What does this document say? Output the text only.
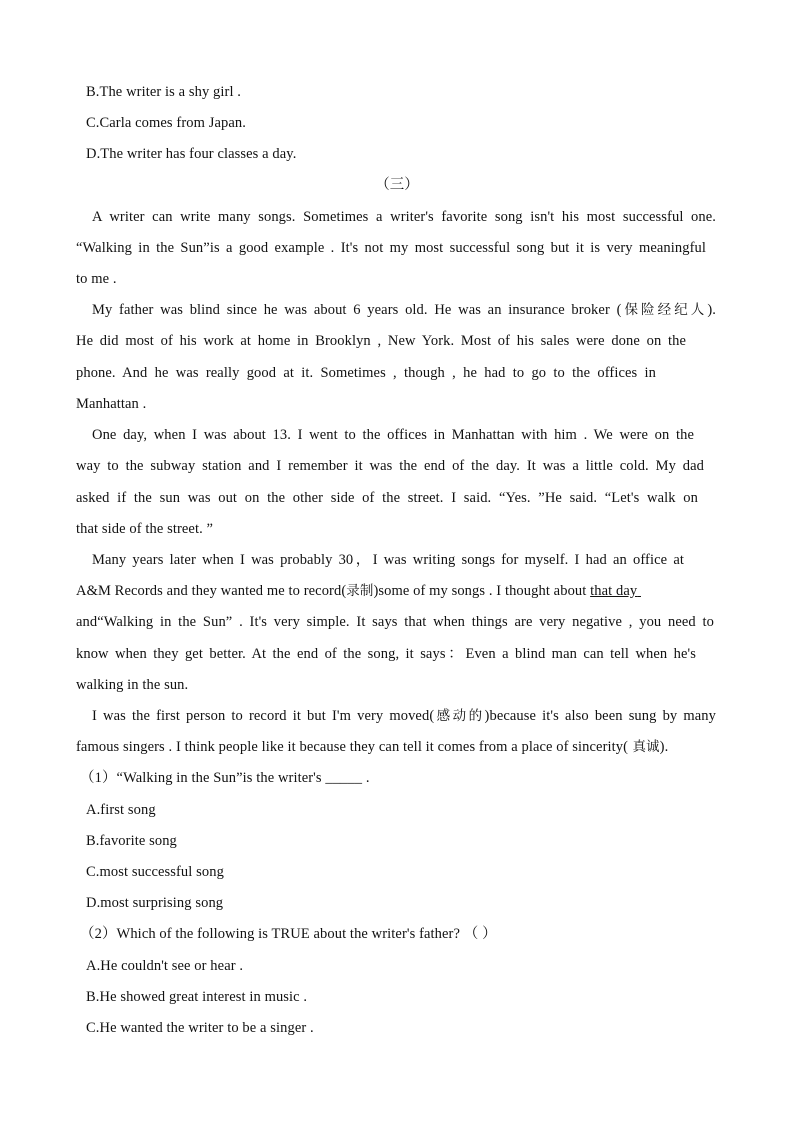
B.The writer is a shy girl .
C.Carla comes from Japan.
D.The writer has four classes a day.
（三）
A writer can write many songs. Sometimes a writer's favorite song isn't his most successful one.
“Walking in the Sun”is a good example . It's not my most successful song but it is very meaningful
to me .
My father was blind since he was about 6 years old. He was an insurance broker (保险经纪人).
He did most of his work at home in Brooklyn , New York. Most of his sales were done on the
phone. And he was really good at it. Sometimes , though , he had to go to the offices in
Manhattan .
One day, when I was about 13. I went to the offices in Manhattan with him . We were on the
way to the subway station and I remember it was the end of the day. It was a little cold. My dad
asked if the sun was out on the other side of the street. I said. “Yes. ”He said. “Let's walk on
that side of the street. ”
Many years later when I was probably 30，I was writing songs for myself. I had an office at
A&M Records and they wanted me to record(录制)some of my songs . I thought about that day
and“Walking in the Sun” . It's very simple. It says that when things are very negative , you need to
know when they get better. At the end of the song, it says：Even a blind man can tell when he's
walking in the sun.
I was the first person to record it but I'm very moved(感动的)because it's also been sung by many
famous singers . I think people like it because they can tell it comes from a place of sincerity( 真诚).
（1）“Walking in the Sun”is the writer's _____ .
A.first song
B.favorite song
C.most successful song
D.most surprising song
（2）Which of the following is TRUE about the writer's father? （ ）
A.He couldn't see or hear .
B.He showed great interest in music .
C.He wanted the writer to be a singer .
